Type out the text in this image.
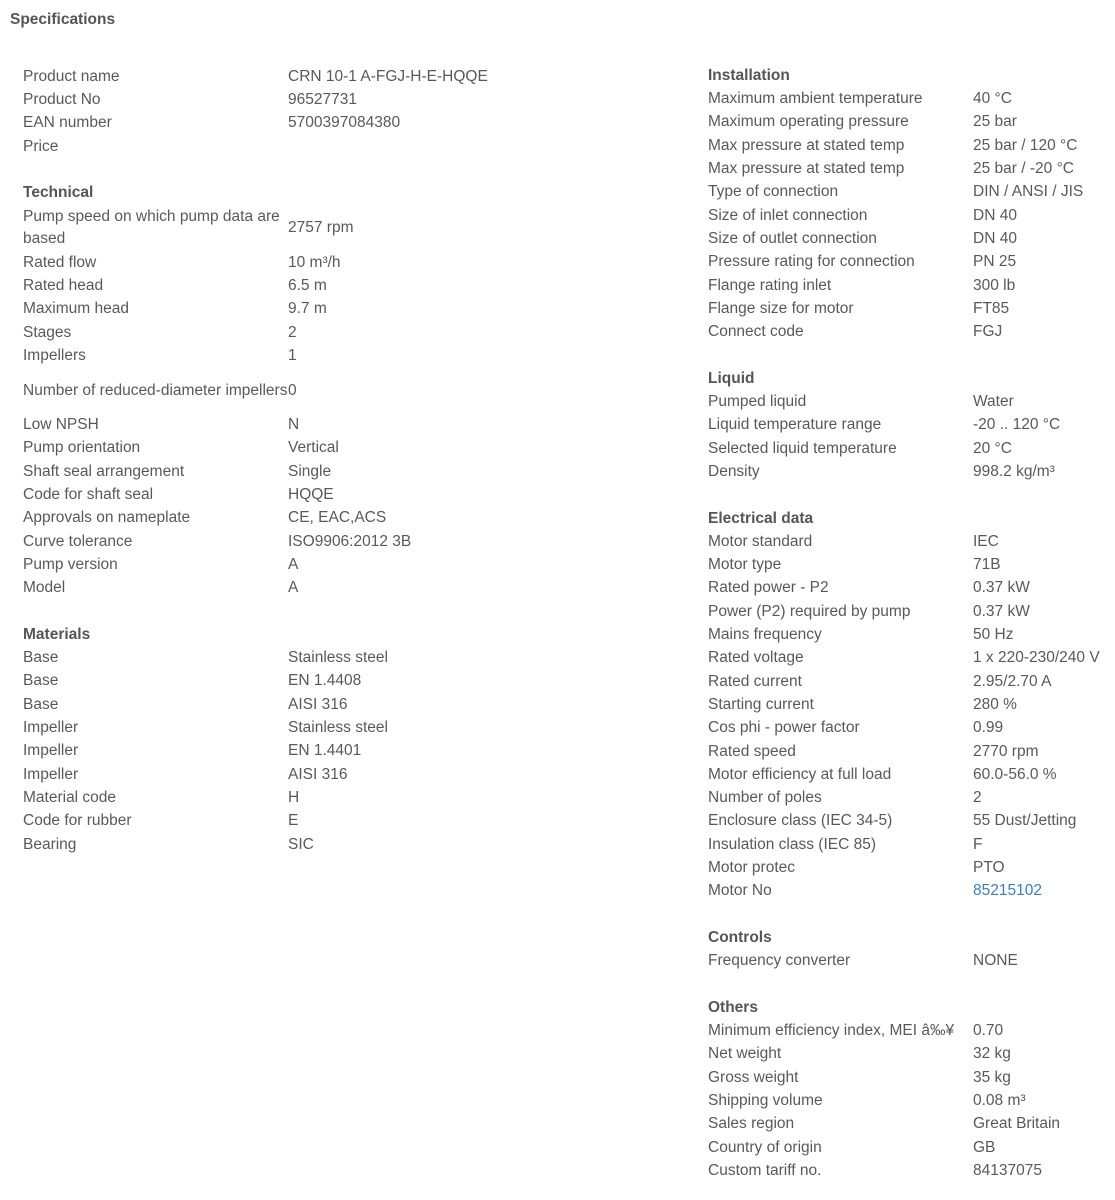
Specifications
Product name	CRN 10-1 A-FGJ-H-E-HQQE
Product No	96527731
EAN number	5700397084380
Price	

Technical	
Pump speed on which pump data are based	2757 rpm
Rated flow	10 m³/h
Rated head	6.5 m
Maximum head	9.7 m
Stages	2
Impellers	1
Number of reduced-diameter impellers	0
Low NPSH	N
Pump orientation	Vertical
Shaft seal arrangement	Single
Code for shaft seal	HQQE
Approvals on nameplate	CE, EAC,ACS
Curve tolerance	ISO9906:2012 3B
Pump version	A
Model	A

Materials	
Base	Stainless steel
Base	EN 1.4408
Base	AISI 316
Impeller	Stainless steel
Impeller	EN 1.4401
Impeller	AISI 316
Material code	H
Code for rubber	E
Bearing	SIC
Installation	
Maximum ambient temperature	40 °C
Maximum operating pressure	25 bar
Max pressure at stated temp	25 bar / 120 °C
Max pressure at stated temp	25 bar / -20 °C
Type of connection	DIN / ANSI / JIS
Size of inlet connection	DN 40
Size of outlet connection	DN 40
Pressure rating for connection	PN 25
Flange rating inlet	300 lb
Flange size for motor	FT85
Connect code	FGJ

Liquid	
Pumped liquid	Water
Liquid temperature range	-20 .. 120 °C
Selected liquid temperature	20 °C
Density	998.2 kg/m³

Electrical data	
Motor standard	IEC
Motor type	71B
Rated power - P2	0.37 kW
Power (P2) required by pump	0.37 kW
Mains frequency	50 Hz
Rated voltage	1 x 220-230/240 V
Rated current	2.95/2.70 A
Starting current	280 %
Cos phi - power factor	0.99
Rated speed	2770 rpm
Motor efficiency at full load	60.0-56.0 %
Number of poles	2
Enclosure class (IEC 34-5)	55 Dust/Jetting
Insulation class (IEC 85)	F
Motor protec	PTO
Motor No	85215102

Controls	
Frequency converter	NONE

Others	
Minimum efficiency index, MEI â‰¥	0.70
Net weight	32 kg
Gross weight	35 kg
Shipping volume	0.08 m³
Sales region	Great Britain
Country of origin	GB
Custom tariff no.	84137075
